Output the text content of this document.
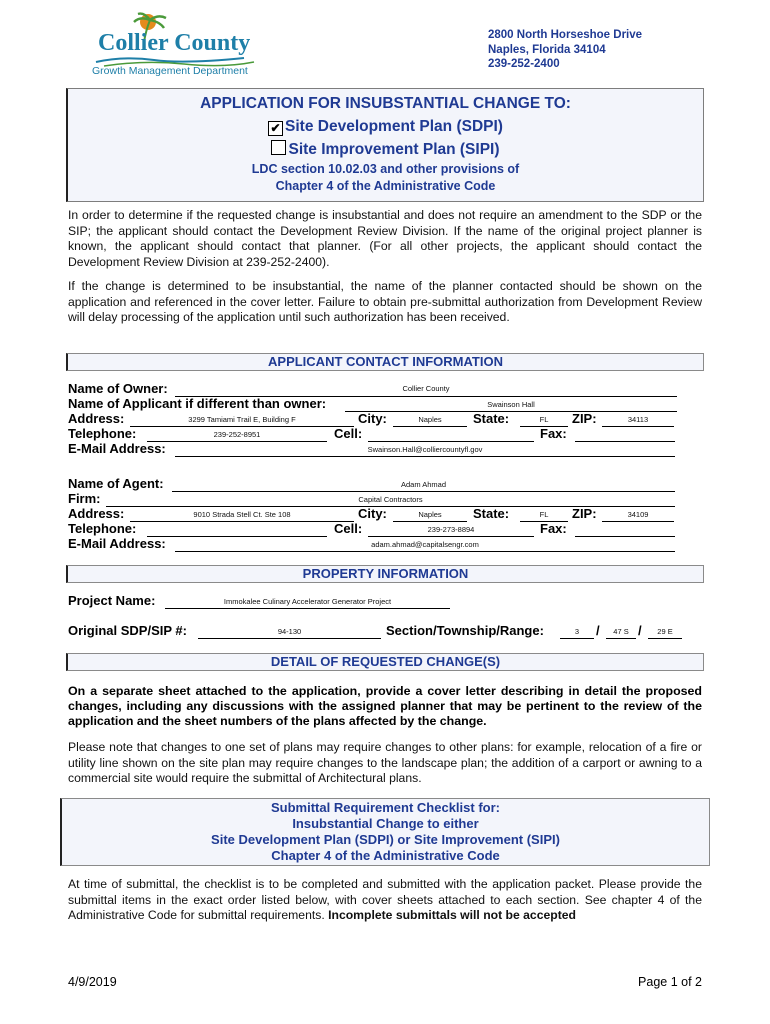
Collier County
Growth Management Department
2800 North Horseshoe Drive
Naples, Florida 34104
239-252-2400
APPLICATION FOR INSUBSTANTIAL CHANGE TO:
✔ Site Development Plan (SDPI)
Site Improvement Plan (SIPI)
LDC section 10.02.03 and other provisions of
Chapter 4 of the Administrative Code
In order to determine if the requested change is insubstantial and does not require an amendment to the SDP or the SIP; the applicant should contact the Development Review Division. If the name of the original project planner is known, the applicant should contact that planner. (For all other projects, the applicant should contact the Development Review Division at 239-252-2400).
If the change is determined to be insubstantial, the name of the planner contacted should be shown on the application and referenced in the cover letter. Failure to obtain pre-submittal authorization from Development Review will delay processing of the application until such authorization has been received.
APPLICANT CONTACT INFORMATION
Name of Owner:	Collier County
Name of Applicant if different than owner:	Swainson Hall
Address:	3299 Tamiami Trail E, Building F	City:	Naples	State:	FL	ZIP:	34113
Telephone:	239-252-8951	Cell:	Fax:
E-Mail Address:	Swainson.Hall@colliercountyfl.gov
Name of Agent:	Adam Ahmad
Firm:	Capital Contractors
Address:	9010 Strada Stell Ct. Ste 108	City:	Naples	State:	FL	ZIP:	34109
Telephone:	Cell:	239-273-8894	Fax:
E-Mail Address:	adam.ahmad@capitalsengr.com
PROPERTY INFORMATION
Project Name:	Immokalee Culinary Accelerator Generator Project
Original SDP/SIP #:	94-130	Section/Township/Range:	3	/	47 S /	29 E
DETAIL OF REQUESTED CHANGE(S)
On a separate sheet attached to the application, provide a cover letter describing in detail the proposed changes, including any discussions with the assigned planner that may be pertinent to the review of the application and the sheet numbers of the plans affected by the change.
Please note that changes to one set of plans may require changes to other plans: for example, relocation of a fire or utility line shown on the site plan may require changes to the landscape plan; the addition of a carport or awning to a commercial site would require the submittal of Architectural plans.
Submittal Requirement Checklist for:
Insubstantial Change to either
Site Development Plan (SDPI) or Site Improvement (SIPI)
Chapter 4 of the Administrative Code
At time of submittal, the checklist is to be completed and submitted with the application packet. Please provide the submittal items in the exact order listed below, with cover sheets attached to each section. See chapter 4 of the Administrative Code for submittal requirements. Incomplete submittals will not be accepted
4/9/2019	Page 1 of 2
